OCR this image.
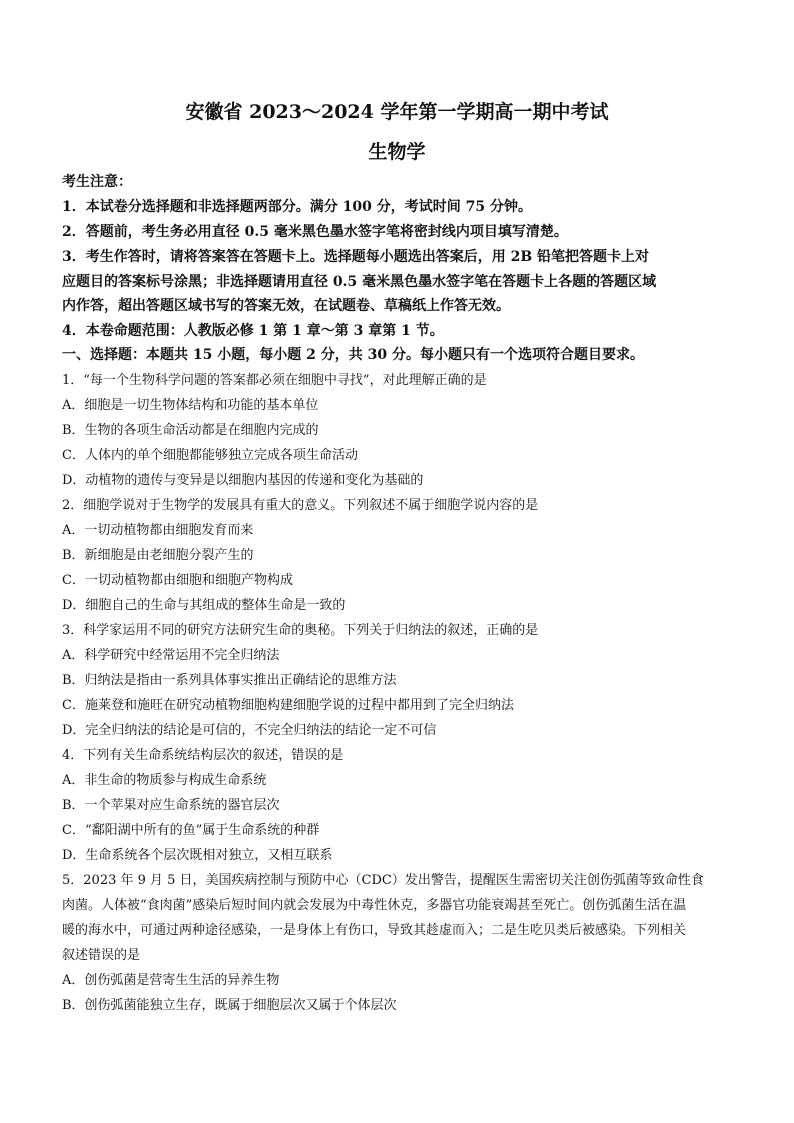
安徽省 2023～2024 学年第一学期高一期中考试
生物学
考生注意：
1．本试卷分选择题和非选择题两部分。满分 100 分，考试时间 75 分钟。
2．答题前，考生务必用直径 0.5 毫米黑色墨水签字笔将密封线内项目填写清楚。
3．考生作答时，请将答案答在答题卡上。选择题每小题选出答案后，用 2B 铅笔把答题卡上对
应题目的答案标号涂黑；非选择题请用直径 0.5 毫米黑色墨水签字笔在答题卡上各题的答题区域
内作答，超出答题区域书写的答案无效，在试题卷、草稿纸上作答无效。
4．本卷命题范围：人教版必修 1 第 1 章～第 3 章第 1 节。
一、选择题：本题共 15 小题，每小题 2 分，共 30 分。每小题只有一个选项符合题目要求。
1．“每一个生物科学问题的答案都必须在细胞中寻找”，对此理解正确的是
A．细胞是一切生物体结构和功能的基本单位
B．生物的各项生命活动都是在细胞内完成的
C．人体内的单个细胞都能够独立完成各项生命活动
D．动植物的遗传与变异是以细胞内基因的传递和变化为基础的
2．细胞学说对于生物学的发展具有重大的意义。下列叙述不属于细胞学说内容的是
A．一切动植物都由细胞发育而来
B．新细胞是由老细胞分裂产生的
C．一切动植物都由细胞和细胞产物构成
D．细胞自己的生命与其组成的整体生命是一致的
3．科学家运用不同的研究方法研究生命的奥秘。下列关于归纳法的叙述，正确的是
A．科学研究中经常运用不完全归纳法
B．归纳法是指由一系列具体事实推出正确结论的思维方法
C．施莱登和施旺在研究动植物细胞构建细胞学说的过程中都用到了完全归纳法
D．完全归纳法的结论是可信的，不完全归纳法的结论一定不可信
4．下列有关生命系统结构层次的叙述，错误的是
A．非生命的物质参与构成生命系统
B．一个苹果对应生命系统的器官层次
C．“鄱阳湖中所有的鱼”属于生命系统的种群
D．生命系统各个层次既相对独立，又相互联系
5．2023 年 9 月 5 日，美国疾病控制与预防中心（CDC）发出警告，提醒医生需密切关注创伤弧菌等致命性食
肉菌。人体被“食肉菌”感染后短时间内就会发展为中毒性休克，多器官功能衰竭甚至死亡。创伤弧菌生活在温
暖的海水中，可通过两种途径感染，一是身体上有伤口，导致其趁虚而入；二是生吃贝类后被感染。下列相关
叙述错误的是
A．创伤弧菌是营寄生生活的异养生物
B．创伤弧菌能独立生存，既属于细胞层次又属于个体层次
